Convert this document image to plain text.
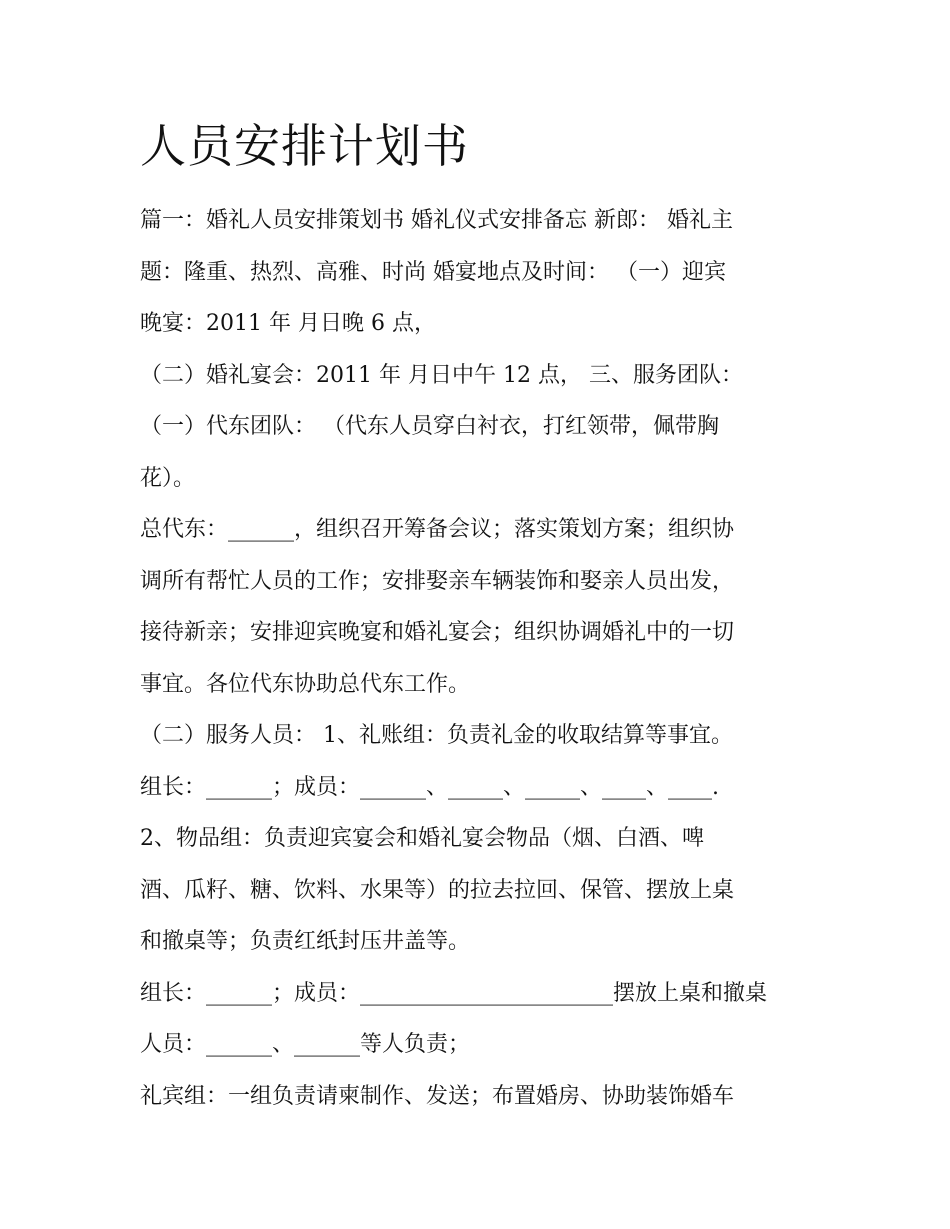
人员安排计划书
篇一：婚礼人员安排策划书 婚礼仪式安排备忘 新郎： 婚礼主
题：隆重、热烈、高雅、时尚 婚宴地点及时间： （一）迎宾
晚宴：2011 年 月日晚 6 点，
（二）婚礼宴会：2011 年 月日中午 12 点， 三、服务团队：
（一）代东团队： （代东人员穿白衬衣，打红领带，佩带胸
花）。
总代东：______，组织召开筹备会议；落实策划方案；组织协
调所有帮忙人员的工作；安排娶亲车辆装饰和娶亲人员出发，
接待新亲；安排迎宾晚宴和婚礼宴会；组织协调婚礼中的一切
事宜。各位代东协助总代东工作。
（二）服务人员： 1、礼账组：负责礼金的收取结算等事宜。
组长：______；成员：______、_____、_____、____、____.
2、物品组：负责迎宾宴会和婚礼宴会物品（烟、白酒、啤
酒、瓜籽、糖、饮料、水果等）的拉去拉回、保管、摆放上桌
和撤桌等；负责红纸封压井盖等。
组长：______；成员：_______________________摆放上桌和撤桌
人员：______、______等人负责；
礼宾组：一组负责请柬制作、发送；布置婚房、协助装饰婚车
